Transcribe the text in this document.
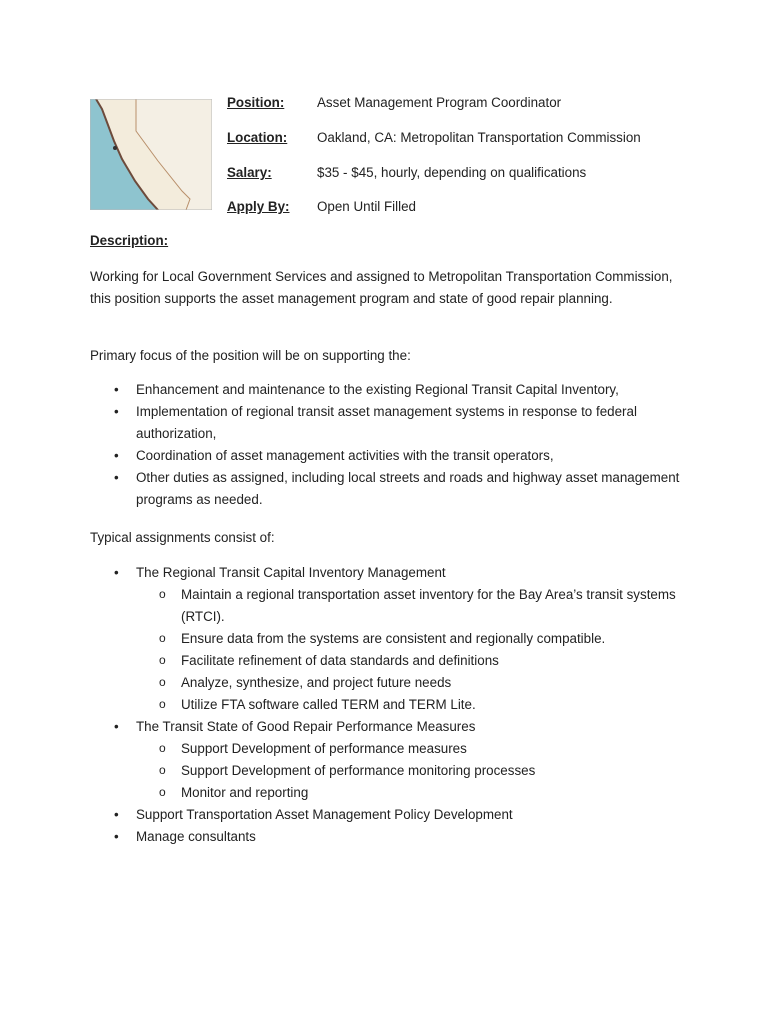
Position: Asset Management Program Coordinator
Location: Oakland, CA: Metropolitan Transportation Commission
Salary:	$35 - $45, hourly, depending on qualifications
Apply By: Open Until Filled
Description:
Working for Local Government Services and assigned to Metropolitan Transportation Commission, this position supports the asset management program and state of good repair planning.
Primary focus of the position will be on supporting the:
• Enhancement and maintenance to the existing Regional Transit Capital Inventory,
• Implementation of regional transit asset management systems in response to federal authorization,
• Coordination of asset management activities with the transit operators,
• Other duties as assigned, including local streets and roads and highway asset management programs as needed.
Typical assignments consist of:
• The Regional Transit Capital Inventory Management
o Maintain a regional transportation asset inventory for the Bay Area’s transit systems (RTCI).
o Ensure data from the systems are consistent and regionally compatible.
o Facilitate refinement of data standards and definitions
o Analyze, synthesize, and project future needs
o Utilize FTA software called TERM and TERM Lite.
• The Transit State of Good Repair Performance Measures
o Support Development of performance measures
o Support Development of performance monitoring processes
o Monitor and reporting
• Support Transportation Asset Management Policy Development
• Manage consultants
